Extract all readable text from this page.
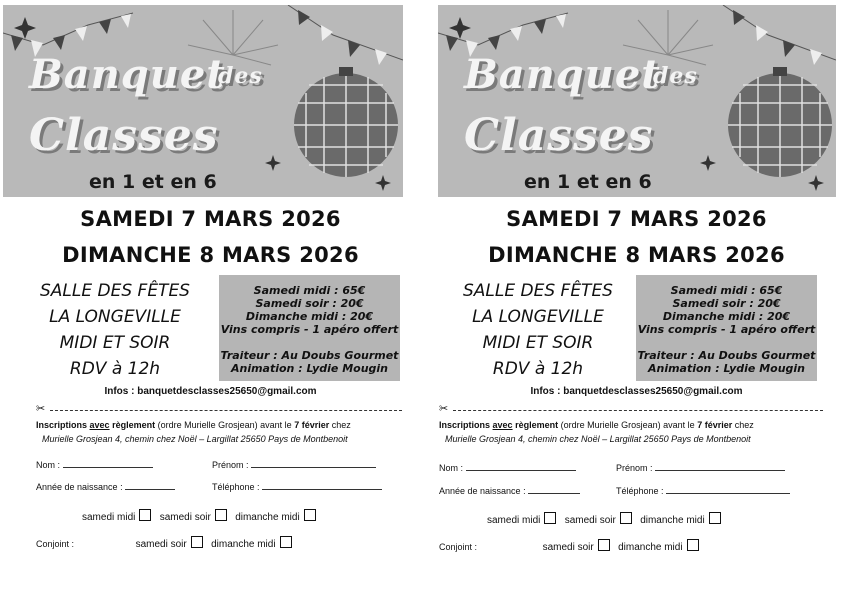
Banquet
des
Classes
en 1 et en 6
SAMEDI 7 MARS 2026
DIMANCHE 8 MARS 2026
SALLE DES FÊTES
LA LONGEVILLE
MIDI ET SOIR
RDV à 12h
Samedi midi : 65€
Samedi soir : 20€
Dimanche midi : 20€
Vins compris - 1 apéro offert
Traiteur : Au Doubs Gourmet
Animation : Lydie Mougin
Infos : banquetdesclasses25650@gmail.com
✂
Inscriptions avec règlement (ordre Murielle Grosjean) avant le 7 février chez
Murielle Grosjean 4, chemin chez Noël – Largillat 25650 Pays de Montbenoit
Nom :	Prénom :
Année de naissance :	Téléphone :
samedi midi samedi soir dimanche midi
Conjoint :	samedi soir dimanche midi
Banquet
des
Classes
en 1 et en 6
SAMEDI 7 MARS 2026
DIMANCHE 8 MARS 2026
SALLE DES FÊTES
LA LONGEVILLE
MIDI ET SOIR
RDV à 12h
Samedi midi : 65€
Samedi soir : 20€
Dimanche midi : 20€
Vins compris - 1 apéro offert
Traiteur : Au Doubs Gourmet
Animation : Lydie Mougin
Infos : banquetdesclasses25650@gmail.com
✂
Inscriptions avec règlement (ordre Murielle Grosjean) avant le 7 février chez
Murielle Grosjean 4, chemin chez Noël – Largillat 25650 Pays de Montbenoit
Nom :	Prénom :
Année de naissance :	Téléphone :
samedi midi samedi soir dimanche midi
Conjoint :	samedi soir dimanche midi
